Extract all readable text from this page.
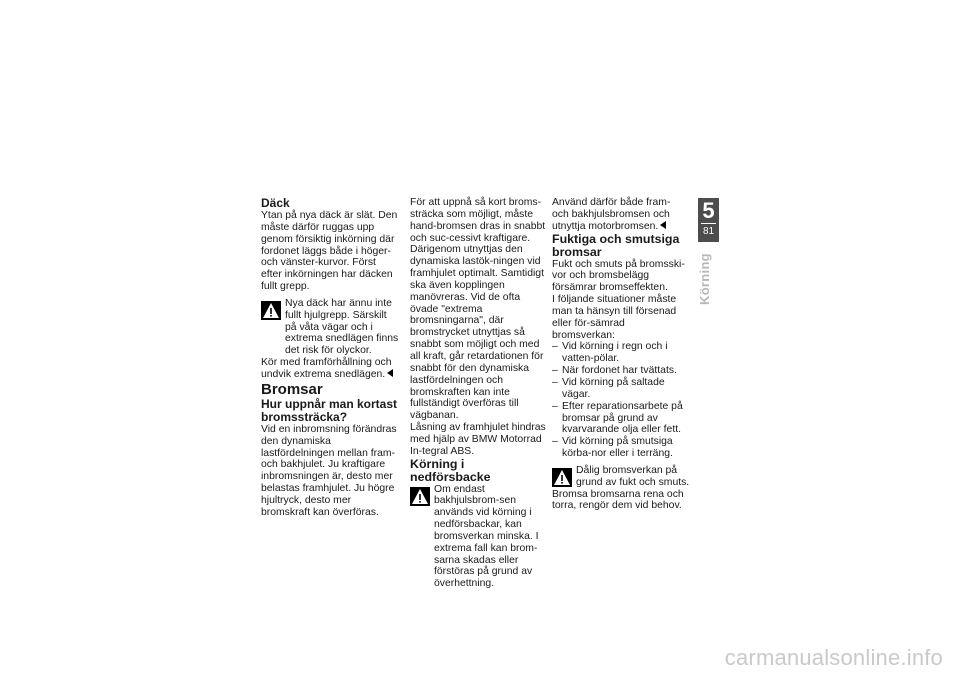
Däck

Ytan på nya däck är slät. Den måste därför ruggas upp genom försiktig inkörning där fordonet läggs både i höger- och vänster-kurvor. Först efter inkörningen har däcken fullt grepp.

Nya däck har ännu inte fullt hjulgrepp. Särskilt på våta vägar och i extrema snedlägen finns det risk för olyckor.

Kör med framförhållning och undvik extrema snedlägen.

Bromsar

Hur uppnår man kortast bromssträcka?

Vid en inbromsning förändras den dynamiska lastfördelningen mellan fram- och bakhjulet. Ju kraftigare inbromsningen är, desto mer belastas framhjulet. Ju högre hjultryck, desto mer bromskraft kan överföras.

För att uppnå så kort broms-sträcka som möjligt, måste hand-bromsen dras in snabbt och suc-cessivt kraftigare. Därigenom utnyttjas den dynamiska lastök-ningen vid framhjulet optimalt. Samtidigt ska även kopplingen manövreras. Vid de ofta övade "extrema bromsningarna", där bromstrycket utnyttjas så snabbt som möjligt och med all kraft, går retardationen för snabbt för den dynamiska lastfördelningen och bromskraften kan inte fullständigt överföras till vägbanan.

Låsning av framhjulet hindras med hjälp av BMW Motorrad In-tegral ABS.

Körning i nedförsbacke

Om endast bakhjulsbrom-sen används vid körning i nedförsbackar, kan bromsverkan minska. I extrema fall kan brom-sarna skadas eller förstöras på grund av överhettning.

Använd därför både fram- och bakhjulsbromsen och utnyttja motorbromsen.

Fuktiga och smutsiga bromsar

Fukt och smuts på bromsski-vor och bromsbelägg försämrar bromseffekten.

I följande situationer måste man ta hänsyn till försenad eller för-sämrad bromsverkan:

– Vid körning i regn och i vatten-pölar.
– När fordonet har tvättats.
– Vid körning på saltade vägar.
– Efter reparationsarbete på bromsar på grund av kvarvarande olja eller fett.
– Vid körning på smutsiga körba-nor eller i terräng.
Dålig bromsverkan på grund av fukt och smuts.

Bromsa bromsarna rena och torra, rengör dem vid behov.

5
81
Körning
carmanualsonline.info
